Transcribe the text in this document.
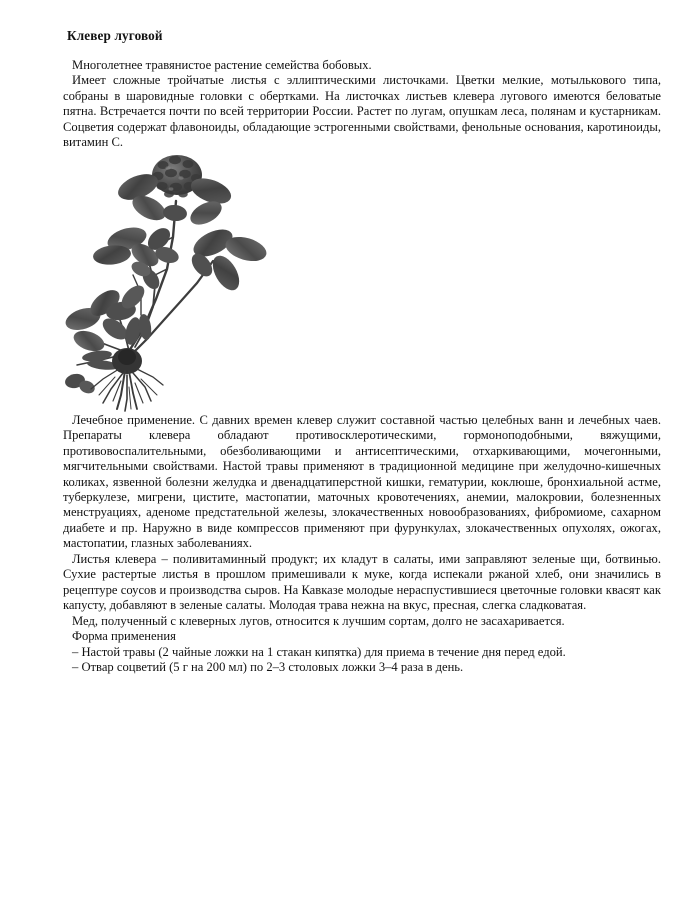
Клевер луговой

Многолетнее травянистое растение семейства бобовых.

Имеет сложные тройчатые листья с эллиптическими листочками. Цветки мелкие, мотылькового типа, собраны в шаровидные головки с обертками. На листочках листьев клевера лугового имеются беловатые пятна. Встречается почти по всей территории России. Растет по лугам, опушкам леса, полянам и кустарникам. Соцветия содержат флавоноиды, обладающие эстрогенными свойствами, фенольные основания, каротиноиды, витамин С.

Лечебное применение. С давних времен клевер служит составной частью целебных ванн и лечебных чаев. Препараты клевера обладают противосклеротическими, гормоноподобными, вяжущими, противовоспалительными, обезболивающими и антисептическими, отхаркивающими, мочегонными, мягчительными свойствами. Настой травы применяют в традиционной медицине при желудочно-кишечных коликах, язвенной болезни желудка и двенадцатиперстной кишки, гематурии, коклюше, бронхиальной астме, туберкулезе, мигрени, цистите, мастопатии, маточных кровотечениях, анемии, малокровии, болезненных менструациях, аденоме предстательной железы, злокачественных новообразованиях, фибромиоме, сахарном диабете и пр. Наружно в виде компрессов применяют при фурункулах, злокачественных опухолях, ожогах, мастопатии, глазных заболеваниях.

Листья клевера – поливитаминный продукт; их кладут в салаты, ими заправляют зеленые щи, ботвинью. Сухие растертые листья в прошлом примешивали к муке, когда испекали ржаной хлеб, они значились в рецептуре соусов и производства сыров. На Кавказе молодые нераспустившиеся цветочные головки квасят как капусту, добавляют в зеленые салаты. Молодая трава нежна на вкус, пресная, слегка сладковатая.

Мед, полученный с клеверных лугов, относится к лучшим сортам, долго не засахаривается.

Форма применения

– Настой травы (2 чайные ложки на 1 стакан кипятка) для приема в течение дня перед едой.

– Отвар соцветий (5 г на 200 мл) по 2–3 столовых ложки 3–4 раза в день.
